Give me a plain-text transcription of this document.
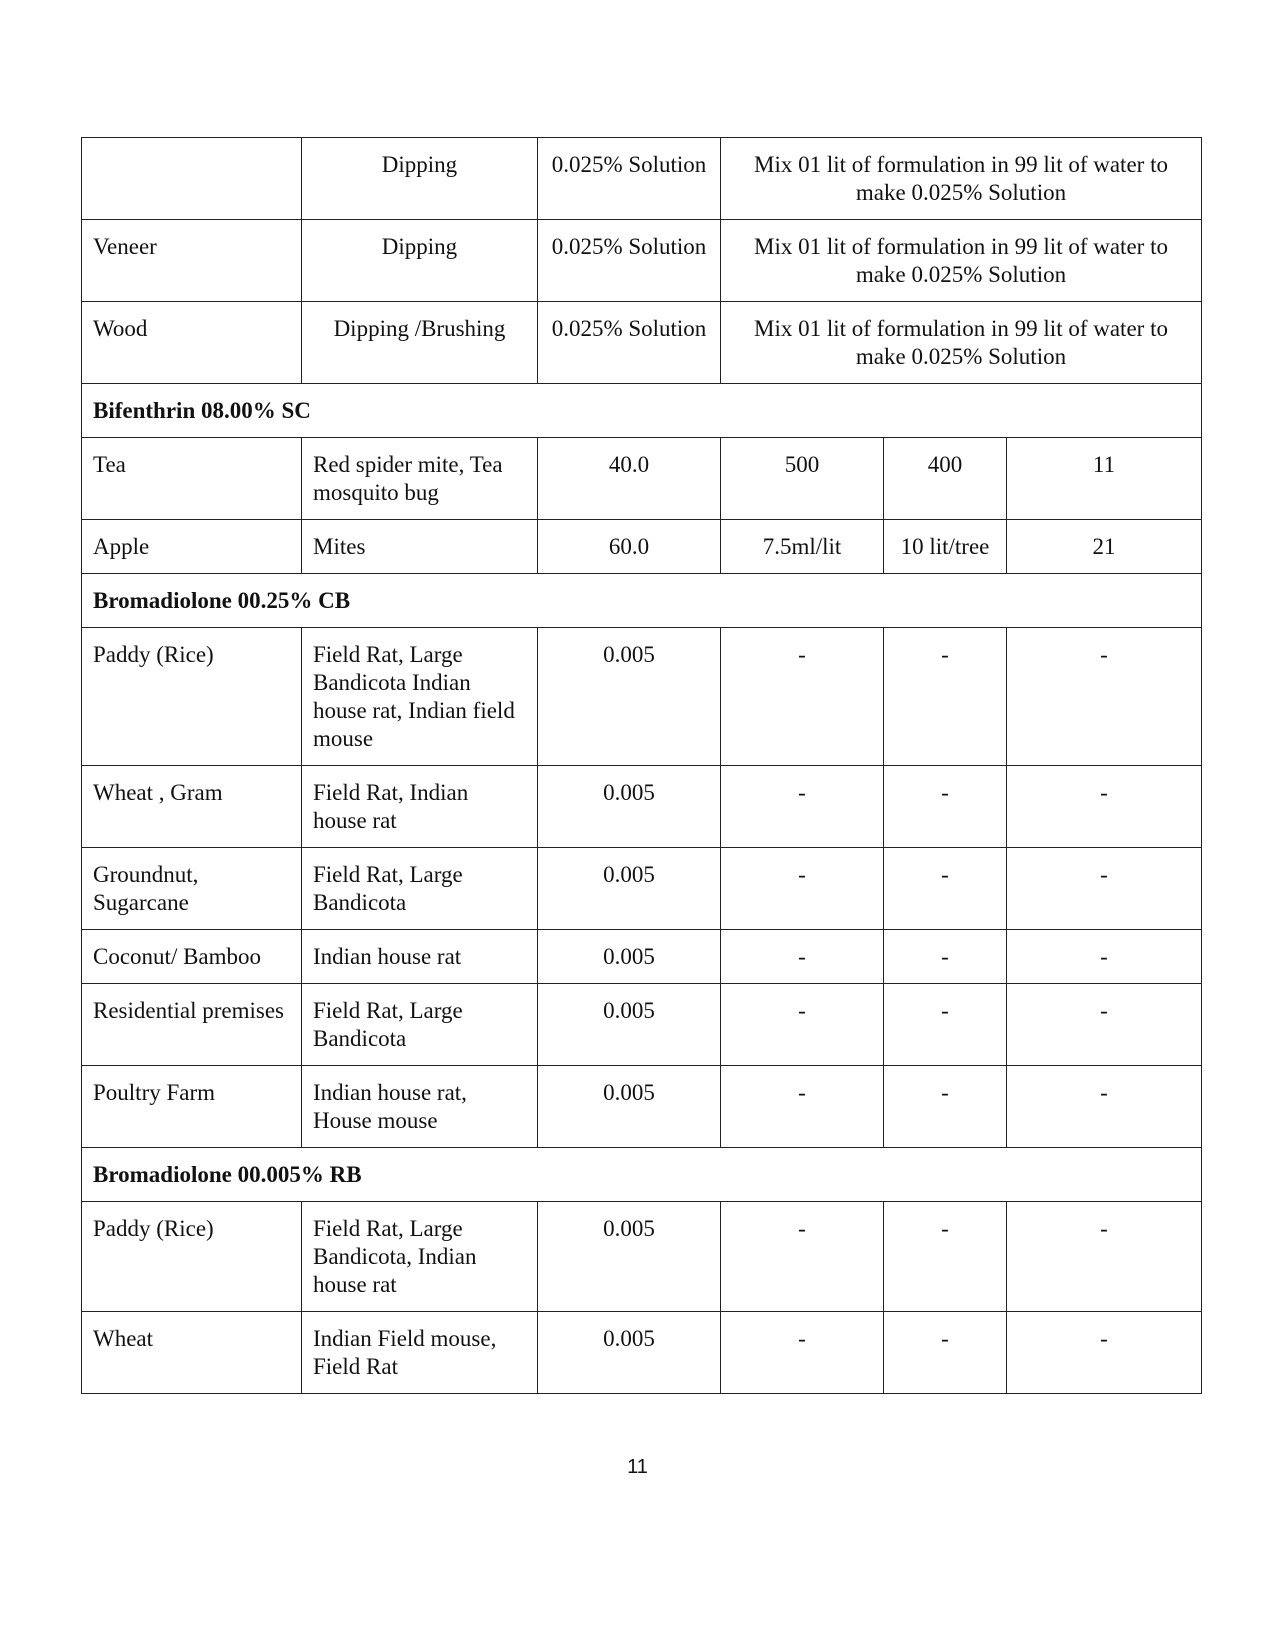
	Dipping	0.025% Solution	Mix 01 lit of formulation in 99 lit of water to make 0.025% Solution		
Veneer	Dipping	0.025% Solution	Mix 01 lit of formulation in 99 lit of water to make 0.025% Solution		
Wood	Dipping /Brushing	0.025% Solution	Mix 01 lit of formulation in 99 lit of water to make 0.025% Solution		
Bifenthrin 08.00% SC					
Tea	Red spider mite, Tea mosquito bug	40.0	500	400	11
Apple	Mites	60.0	7.5ml/lit	10 lit/tree	21
Bromadiolone 00.25% CB					
Paddy (Rice)	Field Rat, Large Bandicota Indian house rat, Indian field mouse	0.005	-	-	-
Wheat , Gram	Field Rat, Indian house rat	0.005	-	-	-
Groundnut, Sugarcane	Field Rat, Large Bandicota	0.005	-	-	-
Coconut/ Bamboo	Indian house rat	0.005	-	-	-
Residential premises	Field Rat, Large Bandicota	0.005	-	-	-
Poultry Farm	Indian house rat, House mouse	0.005	-	-	-
Bromadiolone 00.005% RB					
Paddy (Rice)	Field Rat, Large Bandicota, Indian house rat	0.005	-	-	-
Wheat	Indian Field mouse, Field Rat	0.005	-	-	-
11
